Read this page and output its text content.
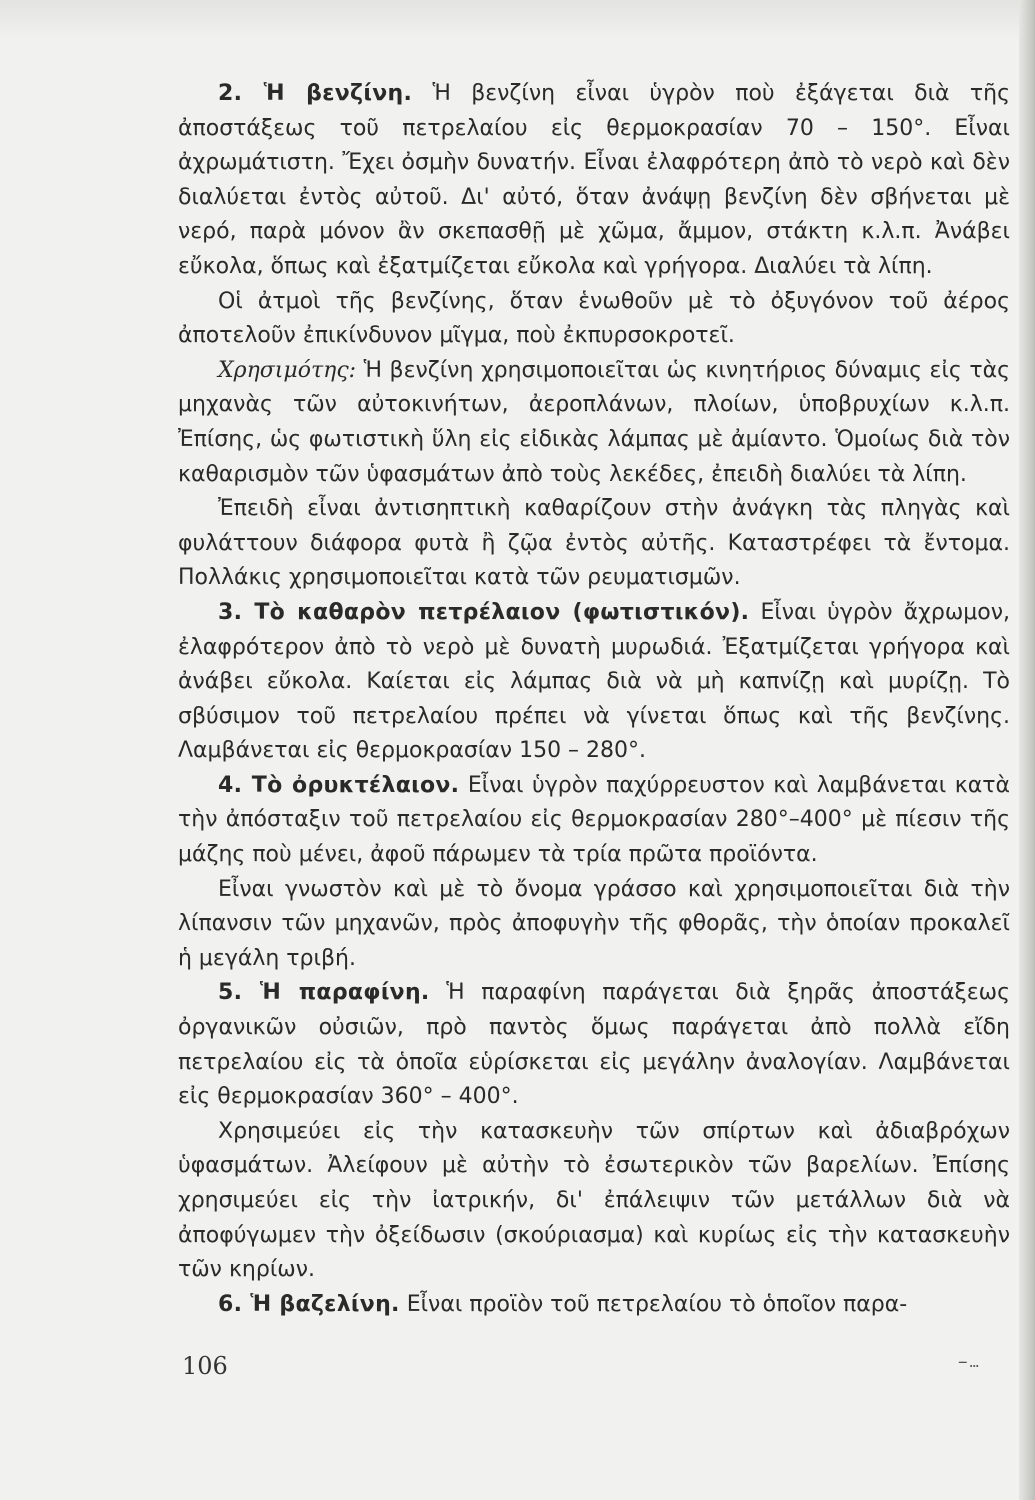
2. Ἡ βενζίνη. Ἡ βενζίνη εἶναι ὑγρὸν ποὺ ἐξάγεται διὰ τῆς ἀποστάξεως τοῦ πετρελαίου εἰς θερμοκρασίαν 70 – 150°. Εἶναι ἀχρωμάτιστη. Ἔχει ὀσμὴν δυνατήν. Εἶναι ἐλαφρότερη ἀπὸ τὸ νερὸ καὶ δὲν διαλύεται ἐντὸς αὐτοῦ. Δι' αὐτό, ὅταν ἀνάψῃ βενζίνη δὲν σβήνεται μὲ νερό, παρὰ μόνον ἂν σκεπασθῇ μὲ χῶμα, ἄμμον, στάκτη κ.λ.π. Ἀνάβει εὔκολα, ὅπως καὶ ἐξατμίζεται εὔκολα καὶ γρήγορα. Διαλύει τὰ λίπη.

Οἱ ἀτμοὶ τῆς βενζίνης, ὅταν ἑνωθοῦν μὲ τὸ ὀξυγόνον τοῦ ἀέρος ἀποτελοῦν ἐπικίνδυνον μῖγμα, ποὺ ἐκπυρσοκροτεῖ.

Χρησιμότης: Ἡ βενζίνη χρησιμοποιεῖται ὡς κινητήριος δύναμις εἰς τὰς μηχανὰς τῶν αὐτοκινήτων, ἀεροπλάνων, πλοίων, ὑποβρυχίων κ.λ.π. Ἐπίσης, ὡς φωτιστικὴ ὕλη εἰς εἰδικὰς λάμπας μὲ ἀμίαντο. Ὁμοίως διὰ τὸν καθαρισμὸν τῶν ὑφασμάτων ἀπὸ τοὺς λεκέδες, ἐπειδὴ διαλύει τὰ λίπη.

Ἐπειδὴ εἶναι ἀντισηπτικὴ καθαρίζουν στὴν ἀνάγκη τὰς πληγὰς καὶ φυλάττουν διάφορα φυτὰ ἢ ζῷα ἐντὸς αὐτῆς. Καταστρέφει τὰ ἔντομα. Πολλάκις χρησιμοποιεῖται κατὰ τῶν ρευματισμῶν.

3. Τὸ καθαρὸν πετρέλαιον (φωτιστικόν). Εἶναι ὑγρὸν ἄχρωμον, ἐλαφρότερον ἀπὸ τὸ νερὸ μὲ δυνατὴ μυρωδιά. Ἐξατμίζεται γρήγορα καὶ ἀνάβει εὔκολα. Καίεται εἰς λάμπας διὰ νὰ μὴ καπνίζῃ καὶ μυρίζῃ. Τὸ σβύσιμον τοῦ πετρελαίου πρέπει νὰ γίνεται ὅπως καὶ τῆς βενζίνης. Λαμβάνεται εἰς θερμοκρασίαν 150 – 280°.

4. Τὸ ὀρυκτέλαιον. Εἶναι ὑγρὸν παχύρρευστον καὶ λαμβάνεται κατὰ τὴν ἀπόσταξιν τοῦ πετρελαίου εἰς θερμοκρασίαν 280°–400° μὲ πίεσιν τῆς μάζης ποὺ μένει, ἀφοῦ πάρωμεν τὰ τρία πρῶτα προϊόντα.

Εἶναι γνωστὸν καὶ μὲ τὸ ὄνομα γράσσο καὶ χρησιμοποιεῖται διὰ τὴν λίπανσιν τῶν μηχανῶν, πρὸς ἀποφυγὴν τῆς φθορᾶς, τὴν ὁποίαν προκαλεῖ ἡ μεγάλη τριβή.

5. Ἡ παραφίνη. Ἡ παραφίνη παράγεται διὰ ξηρᾶς ἀποστάξεως ὀργανικῶν οὐσιῶν, πρὸ παντὸς ὅμως παράγεται ἀπὸ πολλὰ εἴδη πετρελαίου εἰς τὰ ὁποῖα εὑρίσκεται εἰς μεγάλην ἀναλογίαν. Λαμβάνεται εἰς θερμοκρασίαν 360° – 400°.

Χρησιμεύει εἰς τὴν κατασκευὴν τῶν σπίρτων καὶ ἀδιαβρόχων ὑφασμάτων. Ἀλείφουν μὲ αὐτὴν τὸ ἐσωτερικὸν τῶν βαρελίων. Ἐπίσης χρησιμεύει εἰς τὴν ἰατρικήν, δι' ἐπάλειψιν τῶν μετάλλων διὰ νὰ ἀποφύγωμεν τὴν ὀξείδωσιν (σκούριασμα) καὶ κυρίως εἰς τὴν κατασκευὴν τῶν κηρίων.

6. Ἡ βαζελίνη. Εἶναι προϊὸν τοῦ πετρελαίου τὸ ὁποῖον παρα-

106	-- ...
